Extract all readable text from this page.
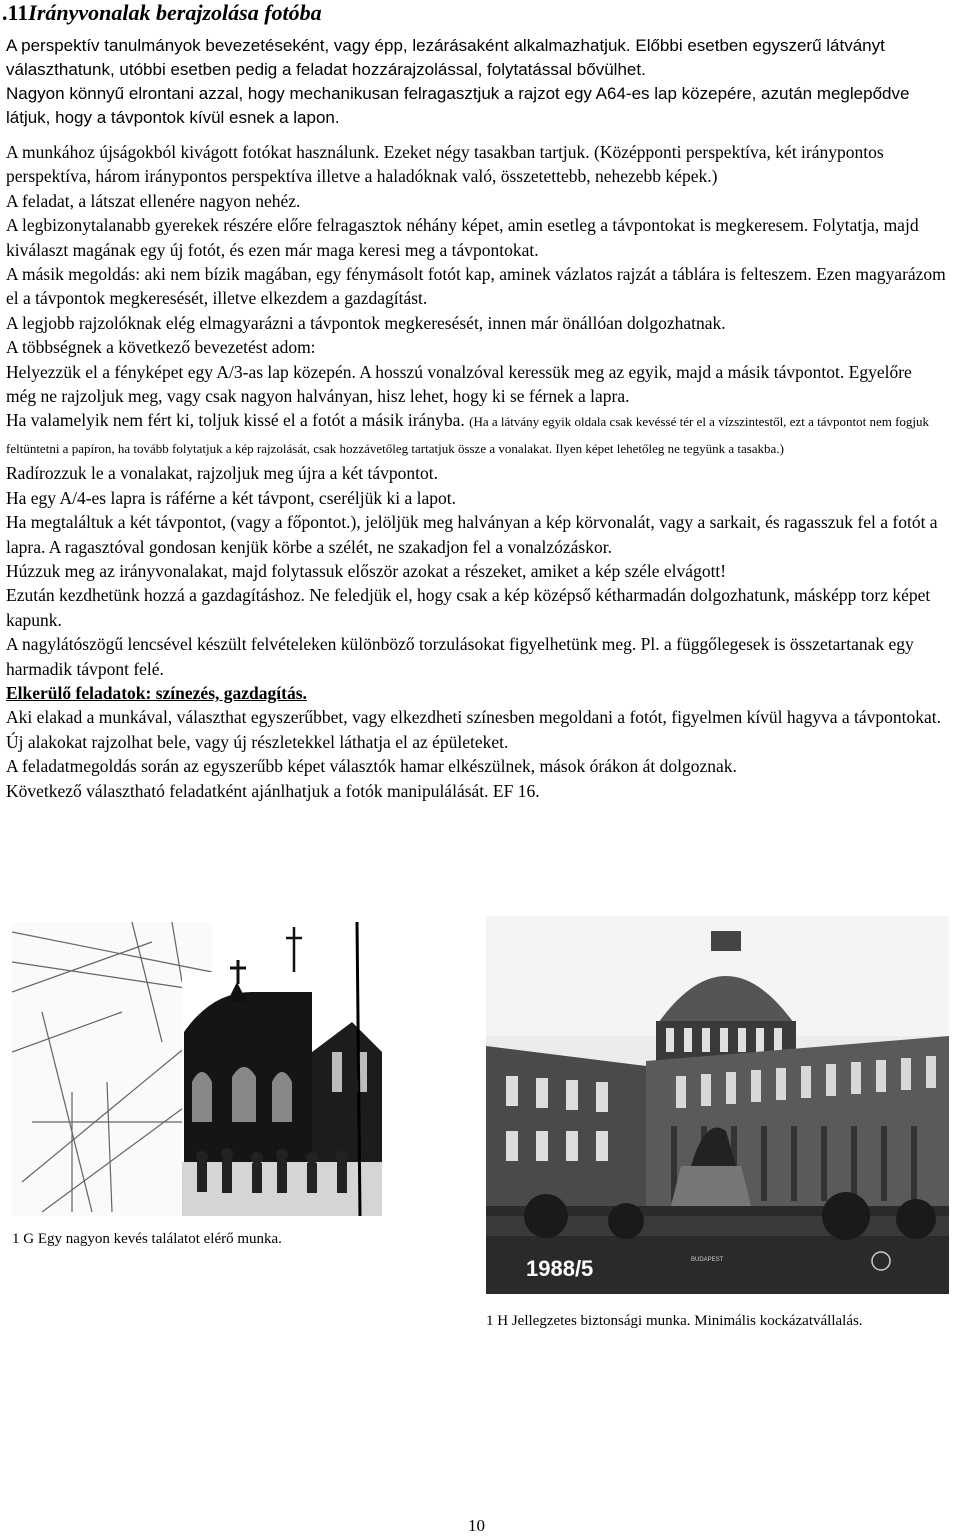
.11Irányvonalak berajzolása fotóba

A perspektív tanulmányok bevezetéseként, vagy épp, lezárásaként alkalmazhatjuk. Előbbi esetben egyszerű látványt választhatunk, utóbbi esetben pedig a feladat hozzárajzolással, folytatással bővülhet.

Nagyon könnyű elrontani azzal, hogy mechanikusan felragasztjuk a rajzot egy A64-es lap közepére, azután meglepődve látjuk, hogy a távpontok kívül esnek a lapon.

A munkához újságokból kivágott fotókat használunk. Ezeket négy tasakban tartjuk. (Középponti perspektíva, két iránypontos perspektíva, három iránypontos perspektíva illetve a haladóknak való, összetettebb, nehezebb képek.)

A feladat, a látszat ellenére nagyon nehéz.

A legbizonytalanabb gyerekek részére előre felragasztok néhány képet, amin esetleg a távpontokat is megkeresem. Folytatja, majd kiválaszt magának egy új fotót, és ezen már maga keresi meg a távpontokat.

A másik megoldás: aki nem bízik magában, egy fénymásolt fotót kap, aminek vázlatos rajzát a táblára is felteszem. Ezen magyarázom el a távpontok megkeresését, illetve elkezdem a gazdagítást.

A legjobb rajzolóknak elég elmagyarázni a távpontok megkeresését, innen már önállóan dolgozhatnak.

A többségnek a következő bevezetést adom:

Helyezzük el a fényképet egy A/3-as lap közepén. A hosszú vonalzóval keressük meg az egyik, majd a másik távpontot. Egyelőre még ne rajzoljuk meg, vagy csak nagyon halványan, hisz lehet, hogy ki se férnek a lapra.

Ha valamelyik nem fért ki, toljuk kissé el a fotót a másik irányba. (Ha a látvány egyik oldala csak kevéssé tér el a vízszintestől, ezt a távpontot nem fogjuk feltüntetni a papíron, ha tovább folytatjuk a kép rajzolását, csak hozzávetőleg tartatjuk össze a vonalakat. Ilyen képet lehetőleg ne tegyünk a tasakba.)

Radírozzuk le a vonalakat, rajzoljuk meg újra a két távpontot.

Ha egy A/4-es lapra is ráférne a két távpont, cseréljük ki a lapot.

Ha megtaláltuk a két távpontot, (vagy a főpontot.), jelöljük meg halványan a kép körvonalát, vagy a sarkait, és ragasszuk fel a fotót a lapra. A ragasztóval gondosan kenjük körbe a szélét, ne szakadjon fel a vonalzózáskor.

Húzzuk meg az irányvonalakat, majd folytassuk először azokat a részeket, amiket a kép széle elvágott!

Ezután kezdhetünk hozzá a gazdagításhoz. Ne feledjük el, hogy csak a kép középső kétharmadán dolgozhatunk, másképp torz képet kapunk.

A nagylátószögű lencsével készült felvételeken különböző torzulásokat figyelhetünk meg. Pl. a függőlegesek is összetartanak egy harmadik távpont felé.

Elkerülő feladatok: színezés, gazdagítás.

Aki elakad a munkával, választhat egyszerűbbet, vagy elkezdheti színesben megoldani a fotót, figyelmen kívül hagyva a távpontokat. Új alakokat rajzolhat bele, vagy új részletekkel láthatja el az épületeket.

A feladatmegoldás során az egyszerűbb képet választók hamar elkészülnek, mások órákon át dolgoznak.

Következő választható feladatként ajánlhatjuk a fotók manipulálását. EF 16.

1 G Egy nagyon kevés találatot elérő munka.
1988/5	BUDAPEST
1 H Jellegzetes biztonsági munka. Minimális kockázatvállalás.
10
